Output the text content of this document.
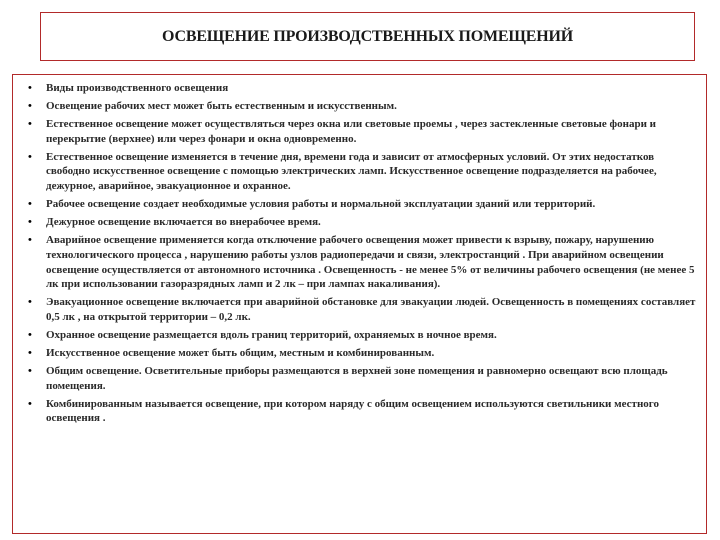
ОСВЕЩЕНИЕ ПРОИЗВОДСТВЕННЫХ ПОМЕЩЕНИЙ
• Виды производственного освещения
• Освещение рабочих мест может быть естественным и искусственным.
• Естественное освещение может осуществляться через окна или световые проемы , через застекленные световые фонари и перекрытие (верхнее) или через фонари и окна одновременно.
• Естественное освещение изменяется в течение дня, времени года и зависит от атмосферных условий. От этих недостатков свободно искусственное освещение с помощью электрических ламп. Искусственное освещение подразделяется на рабочее, дежурное, аварийное, эвакуационное и охранное.
• Рабочее освещение создает необходимые условия работы и нормальной эксплуатации зданий или территорий.
• Дежурное освещение включается во внерабочее время.
• Аварийное освещение применяется когда отключение рабочего освещения может привести к взрыву, пожару, нарушению технологического процесса , нарушению работы узлов радиопередачи и связи, электростанций . При аварийном освещении освещение осуществляется от автономного источника . Освещенность - не менее 5% от величины рабочего освещения (не менее 5 лк при использовании газоразрядных ламп и 2 лк – при лампах накаливания).
• Эвакуационное освещение включается при аварийной обстановке для эвакуации людей. Освещенность в помещениях составляет 0,5 лк , на открытой территории – 0,2 лк.
• Охранное освещение размещается вдоль границ территорий, охраняемых в ночное время.
• Искусственное освещение может быть общим, местным и комбинированным.
• Общим освещение. Осветительные приборы размещаются в верхней зоне помещения и равномерно освещают всю площадь помещения.
• Комбинированным называется освещение, при котором наряду с общим освещением используются светильники местного освещения .
